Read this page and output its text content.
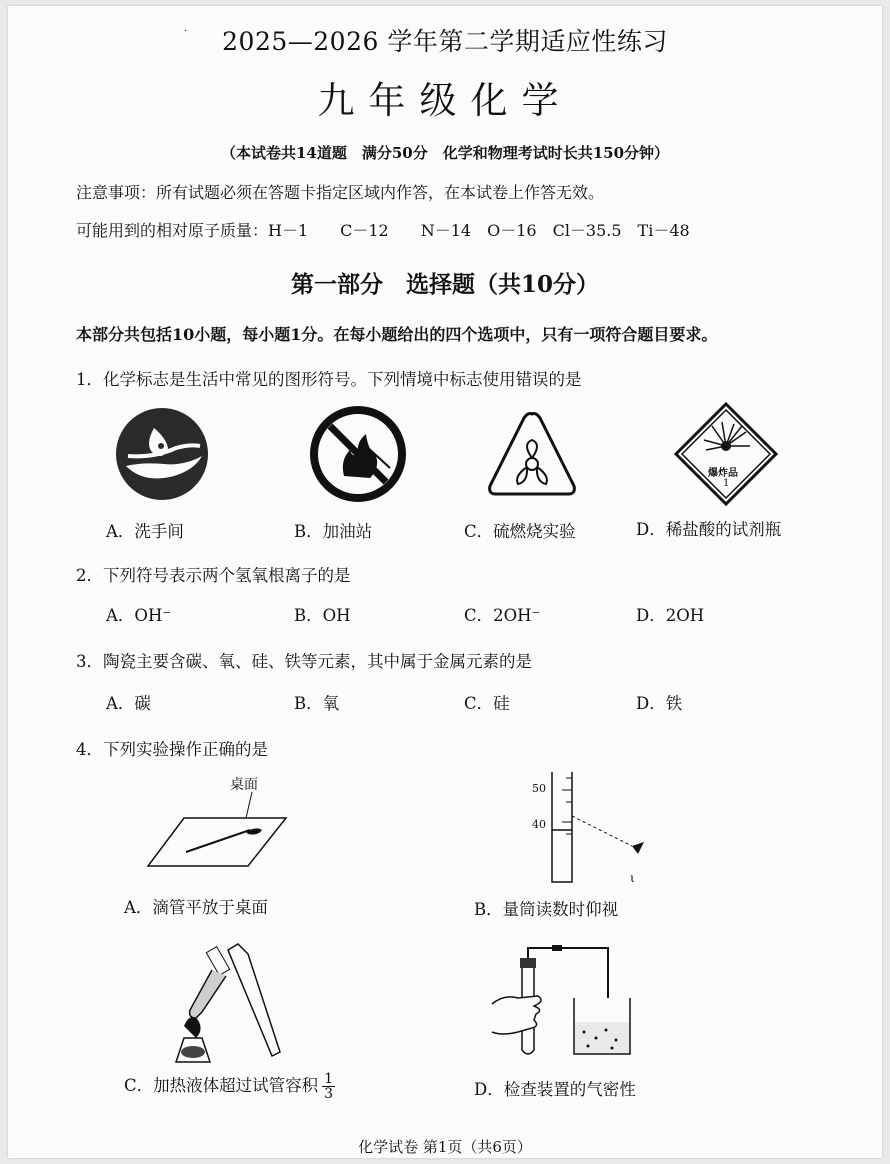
·	2025—2026 学年第二学期适应性练习
九年级化学
（本试卷共14道题　满分50分　化学和物理考试时长共150分钟）
注意事项：所有试题必须在答题卡指定区域内作答，在本试卷上作答无效。
可能用到的相对原子质量：H－1　　C－12　　N－14　O－16　Cl－35.5　Ti－48
第一部分　选择题（共10分）
本部分共包括10小题，每小题1分。在每小题给出的四个选项中，只有一项符合题目要求。
1．化学标志是生活中常见的图形符号。下列情境中标志使用错误的是
爆炸品
1
A．洗手间	B．加油站	C．硫燃烧实验	D．稀盐酸的试剂瓶
2．下列符号表示两个氢氧根离子的是
A．OH⁻	B．OH	C．2OH⁻	D．2OH
3．陶瓷主要含碳、氧、硅、铁等元素，其中属于金属元素的是
A．碳	B．氧	C．硅	D．铁
4．下列实验操作正确的是
桌面
ι
50
40
A．滴管平放于桌面	B．量筒读数时仰视
C．加热液体超过试管容积 $\frac{1}{3}$	D．检查装置的气密性
化学试卷 第1页（共6页）
